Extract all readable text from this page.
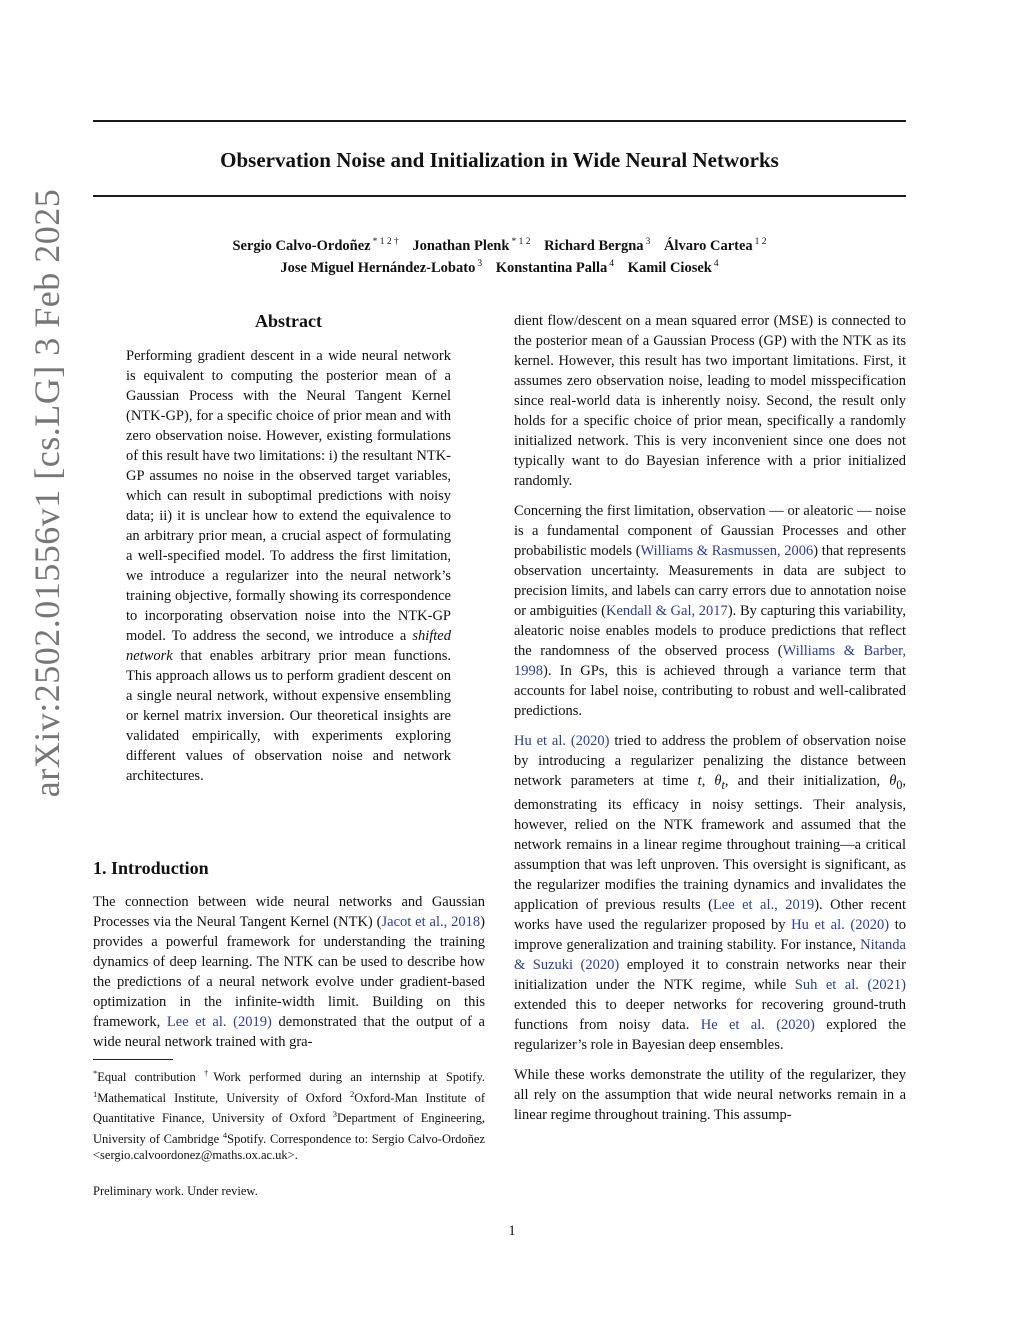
arXiv:2502.01556v1 [cs.LG] 3 Feb 2025
Observation Noise and Initialization in Wide Neural Networks
Sergio Calvo-Ordoñez $^{* 1 2 \dagger}$ Jonathan Plenk $^{* 1 2}$ Richard Bergna $^3$ Álvaro Cartea $^{1 2}$
Jose Miguel Hernández-Lobato $^3$ Konstantina Palla $^4$ Kamil Ciosek $^4$
Abstract

Performing gradient descent in a wide neural network is equivalent to computing the posterior mean of a Gaussian Process with the Neural Tangent Kernel (NTK-GP), for a specific choice of prior mean and with zero observation noise. However, existing formulations of this result have two limitations: i) the resultant NTK-GP assumes no noise in the observed target variables, which can result in suboptimal predictions with noisy data; ii) it is unclear how to extend the equivalence to an arbitrary prior mean, a crucial aspect of formulating a well-specified model. To address the first limitation, we introduce a regularizer into the neural network’s training objective, formally showing its correspondence to incorporating observation noise into the NTK-GP model. To address the second, we introduce a shifted network that enables arbitrary prior mean functions. This approach allows us to perform gradient descent on a single neural network, without expensive ensembling or kernel matrix inversion. Our theoretical insights are validated empirically, with experiments exploring different values of observation noise and network architectures.

1. Introduction

The connection between wide neural networks and Gaussian Processes via the Neural Tangent Kernel (NTK) (Jacot et al., 2018) provides a powerful framework for understanding the training dynamics of deep learning. The NTK can be used to describe how the predictions of a neural network evolve under gradient-based optimization in the infinite-width limit. Building on this framework, Lee et al. (2019) demonstrated that the output of a wide neural network trained with gra-

*Equal contribution †Work performed during an internship at Spotify. $^1$Mathematical Institute, University of Oxford $^2$Oxford-Man Institute of Quantitative Finance, University of Oxford $^3$Department of Engineering, University of Cambridge $^4$Spotify. Correspondence to: Sergio Calvo-Ordoñez <sergio.calvoordonez@maths.ox.ac.uk>.
Preliminary work. Under review.

dient flow/descent on a mean squared error (MSE) is connected to the posterior mean of a Gaussian Process (GP) with the NTK as its kernel. However, this result has two important limitations. First, it assumes zero observation noise, leading to model misspecification since real-world data is inherently noisy. Second, the result only holds for a specific choice of prior mean, specifically a randomly initialized network. This is very inconvenient since one does not typically want to do Bayesian inference with a prior initialized randomly.

Concerning the first limitation, observation — or aleatoric — noise is a fundamental component of Gaussian Processes and other probabilistic models (Williams & Rasmussen, 2006) that represents observation uncertainty. Measurements in data are subject to precision limits, and labels can carry errors due to annotation noise or ambiguities (Kendall & Gal, 2017). By capturing this variability, aleatoric noise enables models to produce predictions that reflect the randomness of the observed process (Williams & Barber, 1998). In GPs, this is achieved through a variance term that accounts for label noise, contributing to robust and well-calibrated predictions.

Hu et al. (2020) tried to address the problem of observation noise by introducing a regularizer penalizing the distance between network parameters at time t, $\theta_t$, and their initialization, $\theta_0$, demonstrating its efficacy in noisy settings. Their analysis, however, relied on the NTK framework and assumed that the network remains in a linear regime throughout training—a critical assumption that was left unproven. This oversight is significant, as the regularizer modifies the training dynamics and invalidates the application of previous results (Lee et al., 2019). Other recent works have used the regularizer proposed by Hu et al. (2020) to improve generalization and training stability. For instance, Nitanda & Suzuki (2020) employed it to constrain networks near their initialization under the NTK regime, while Suh et al. (2021) extended this to deeper networks for recovering ground-truth functions from noisy data. He et al. (2020) explored the regularizer’s role in Bayesian deep ensembles.

While these works demonstrate the utility of the regularizer, they all rely on the assumption that wide neural networks remain in a linear regime throughout training. This assump-

1
